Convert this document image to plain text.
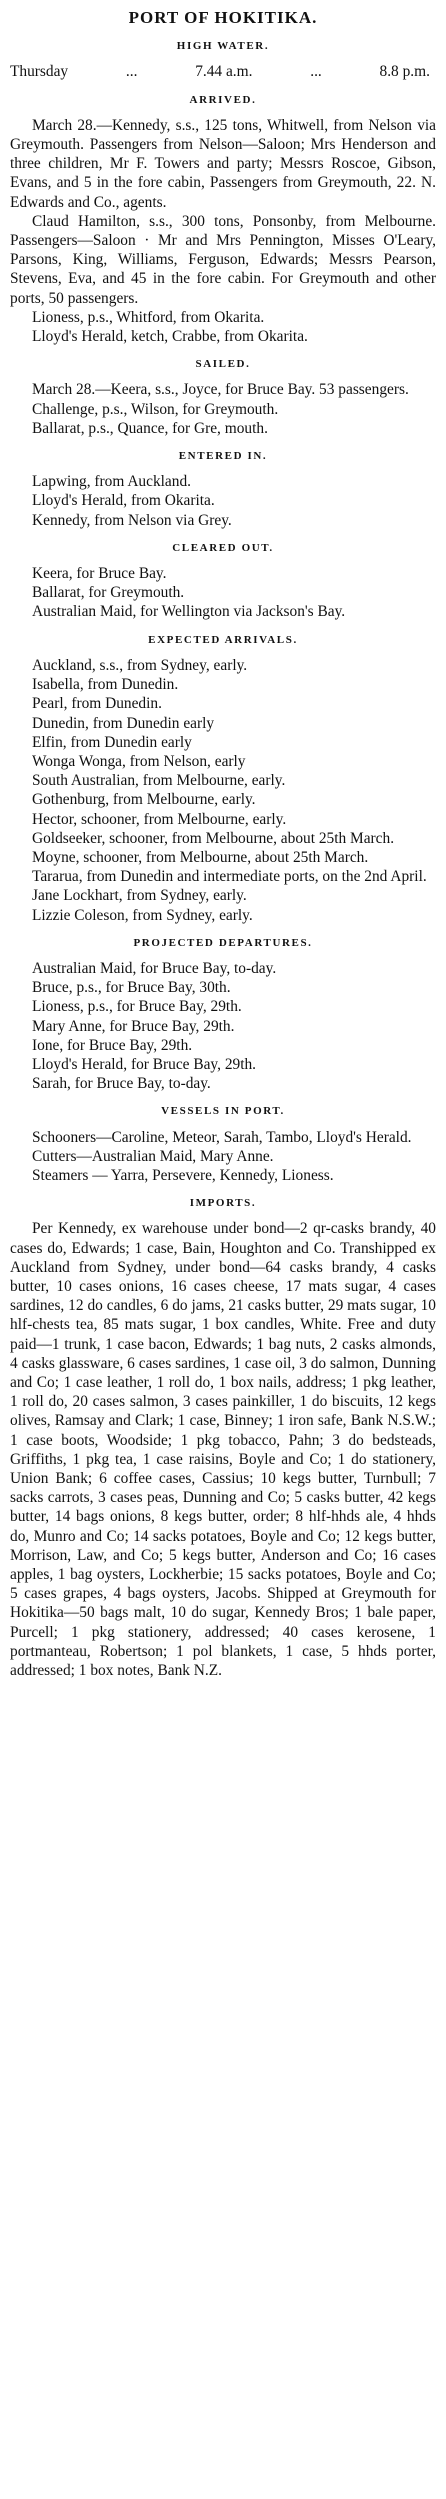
PORT OF HOKITIKA.
HIGH WATER.
Thursday	...	7.44 a.m.	...	8.8 p.m.
ARRIVED.

March 28.—Kennedy, s.s., 125 tons, Whitwell, from Nelson via Greymouth. Passengers from Nelson—Saloon; Mrs Henderson and three children, Mr F. Towers and party; Messrs Roscoe, Gibson, Evans, and 5 in the fore cabin, Passengers from Greymouth, 22. N. Edwards and Co., agents.

Claud Hamilton, s.s., 300 tons, Ponsonby, from Melbourne. Passengers—Saloon · Mr and Mrs Pennington, Misses O'Leary, Parsons, King, Williams, Ferguson, Edwards; Messrs Pearson, Stevens, Eva, and 45 in the fore cabin. For Greymouth and other ports, 50 passengers.

Lioness, p.s., Whitford, from Okarita.

Lloyd's Herald, ketch, Crabbe, from Okarita.

SAILED.

March 28.—Keera, s.s., Joyce, for Bruce Bay. 53 passengers.

Challenge, p.s., Wilson, for Greymouth.

Ballarat, p.s., Quance, for Gre, mouth.

ENTERED IN.

Lapwing, from Auckland.

Lloyd's Herald, from Okarita.

Kennedy, from Nelson via Grey.

CLEARED OUT.

Keera, for Bruce Bay.

Ballarat, for Greymouth.

Australian Maid, for Wellington via Jackson's Bay.

EXPECTED ARRIVALS.

Auckland, s.s., from Sydney, early.

Isabella, from Dunedin.

Pearl, from Dunedin.

Dunedin, from Dunedin early

Elfin, from Dunedin early

Wonga Wonga, from Nelson, early

South Australian, from Melbourne, early.

Gothenburg, from Melbourne, early.

Hector, schooner, from Melbourne, early.

Goldseeker, schooner, from Melbourne, about 25th March.

Moyne, schooner, from Melbourne, about 25th March.

Tararua, from Dunedin and intermediate ports, on the 2nd April.

Jane Lockhart, from Sydney, early.

Lizzie Coleson, from Sydney, early.

PROJECTED DEPARTURES.

Australian Maid, for Bruce Bay, to-day.

Bruce, p.s., for Bruce Bay, 30th.

Lioness, p.s., for Bruce Bay, 29th.

Mary Anne, for Bruce Bay, 29th.

Ione, for Bruce Bay, 29th.

Lloyd's Herald, for Bruce Bay, 29th.

Sarah, for Bruce Bay, to-day.

VESSELS IN PORT.

Schooners—Caroline, Meteor, Sarah, Tambo, Lloyd's Herald.

Cutters—Australian Maid, Mary Anne.

Steamers — Yarra, Persevere, Kennedy, Lioness.

IMPORTS.

Per Kennedy, ex warehouse under bond—2 qr-casks brandy, 40 cases do, Edwards; 1 case, Bain, Houghton and Co. Transhipped ex Auckland from Sydney, under bond—64 casks brandy, 4 casks butter, 10 cases onions, 16 cases cheese, 17 mats sugar, 4 cases sardines, 12 do candles, 6 do jams, 21 casks butter, 29 mats sugar, 10 hlf-chests tea, 85 mats sugar, 1 box candles, White. Free and duty paid—1 trunk, 1 case bacon, Edwards; 1 bag nuts, 2 casks almonds, 4 casks glassware, 6 cases sardines, 1 case oil, 3 do salmon, Dunning and Co; 1 case leather, 1 roll do, 1 box nails, address; 1 pkg leather, 1 roll do, 20 cases salmon, 3 cases painkiller, 1 do biscuits, 12 kegs olives, Ramsay and Clark; 1 case, Binney; 1 iron safe, Bank N.S.W.; 1 case boots, Woodside; 1 pkg tobacco, Pahn; 3 do bedsteads, Griffiths, 1 pkg tea, 1 case raisins, Boyle and Co; 1 do stationery, Union Bank; 6 coffee cases, Cassius; 10 kegs butter, Turnbull; 7 sacks carrots, 3 cases peas, Dunning and Co; 5 casks butter, 42 kegs butter, 14 bags onions, 8 kegs butter, order; 8 hlf-hhds ale, 4 hhds do, Munro and Co; 14 sacks potatoes, Boyle and Co; 12 kegs butter, Morrison, Law, and Co; 5 kegs butter, Anderson and Co; 16 cases apples, 1 bag oysters, Lockherbie; 15 sacks potatoes, Boyle and Co; 5 cases grapes, 4 bags oysters, Jacobs. Shipped at Greymouth for Hokitika—50 bags malt, 10 do sugar, Kennedy Bros; 1 bale paper, Purcell; 1 pkg stationery, addressed; 40 cases kerosene, 1 portmanteau, Robertson; 1 pol blankets, 1 case, 5 hhds porter, addressed; 1 box notes, Bank N.Z.
